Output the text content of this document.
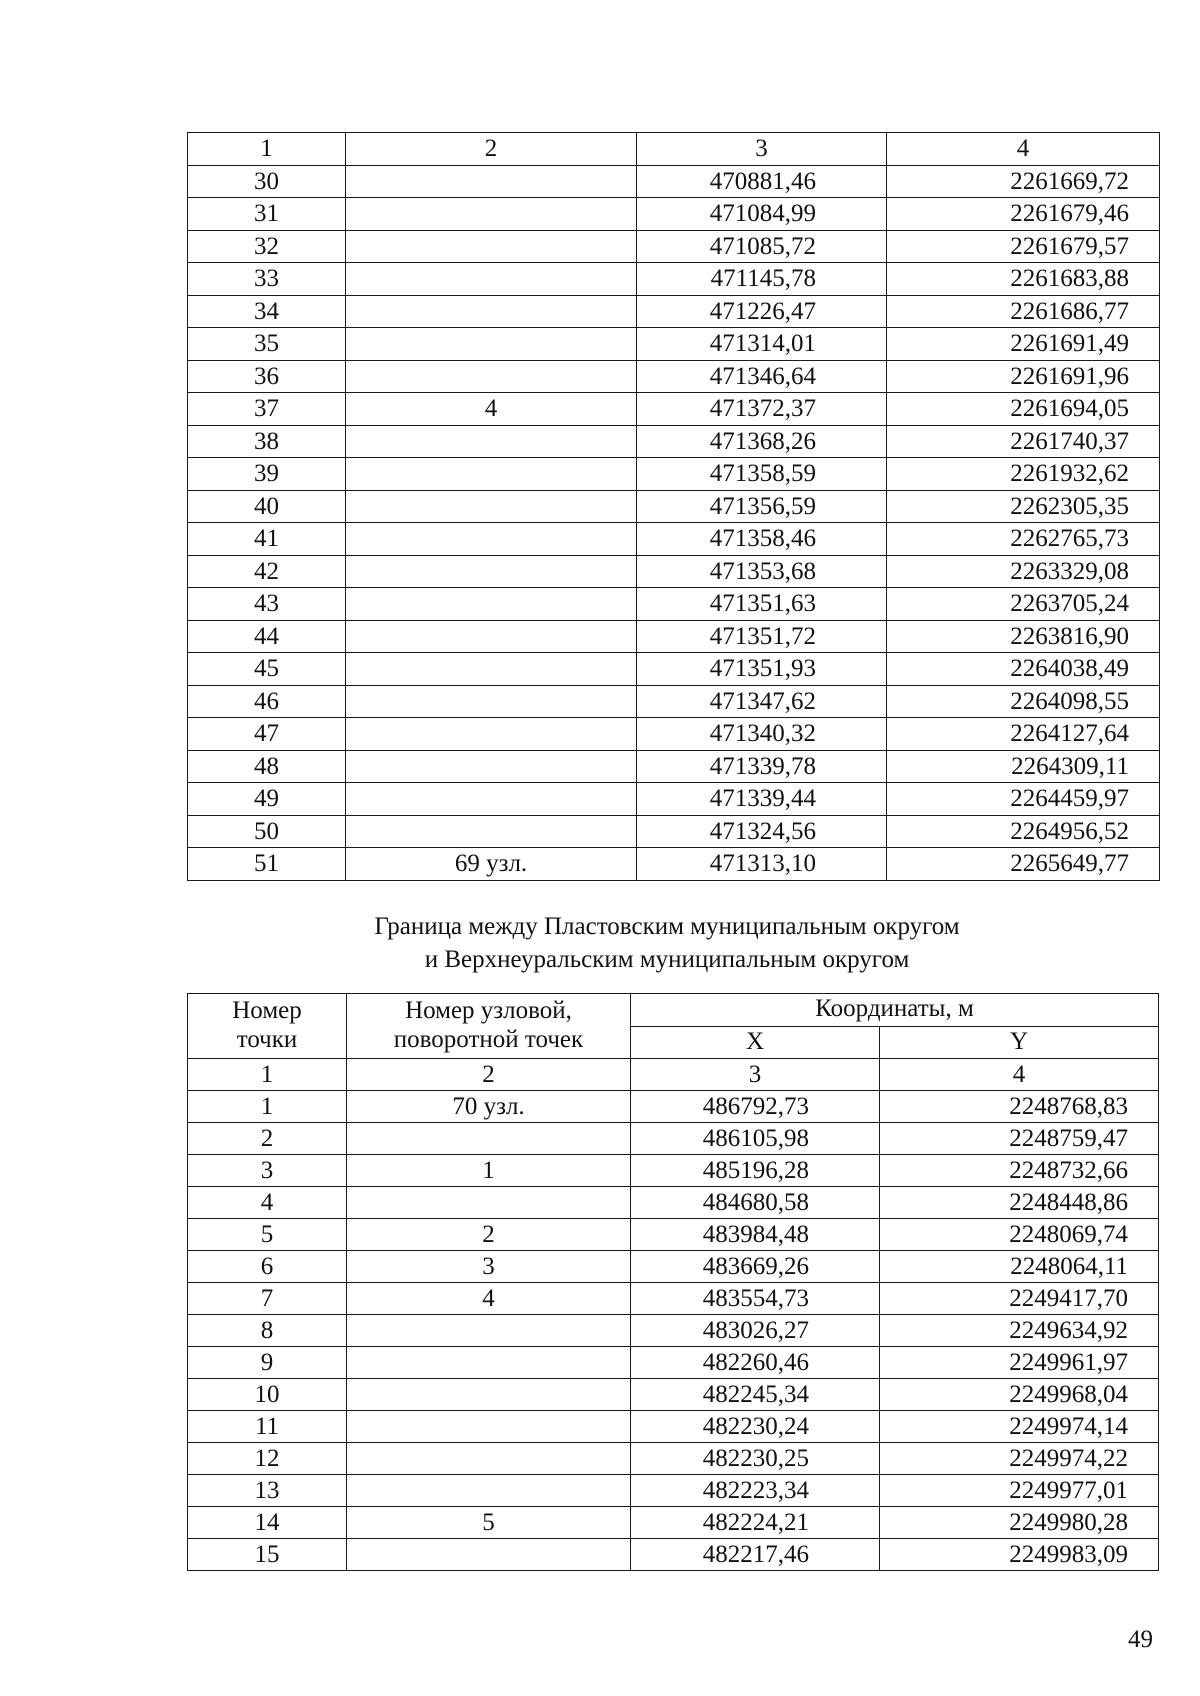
1	2	3	4
30		470881,46	2261669,72
31		471084,99	2261679,46
32		471085,72	2261679,57
33		471145,78	2261683,88
34		471226,47	2261686,77
35		471314,01	2261691,49
36		471346,64	2261691,96
37	4	471372,37	2261694,05
38		471368,26	2261740,37
39		471358,59	2261932,62
40		471356,59	2262305,35
41		471358,46	2262765,73
42		471353,68	2263329,08
43		471351,63	2263705,24
44		471351,72	2263816,90
45		471351,93	2264038,49
46		471347,62	2264098,55
47		471340,32	2264127,64
48		471339,78	2264309,11
49		471339,44	2264459,97
50		471324,56	2264956,52
51	69 узл.	471313,10	2265649,77
Граница между Пластовским муниципальным округом
и Верхнеуральским муниципальным округом
Номер точки	Номер узловой, поворотной точек	Координаты, м	
		X	Y
1	2	3	4
1	70 узл.	486792,73	2248768,83
2		486105,98	2248759,47
3	1	485196,28	2248732,66
4		484680,58	2248448,86
5	2	483984,48	2248069,74
6	3	483669,26	2248064,11
7	4	483554,73	2249417,70
8		483026,27	2249634,92
9		482260,46	2249961,97
10		482245,34	2249968,04
11		482230,24	2249974,14
12		482230,25	2249974,22
13		482223,34	2249977,01
14	5	482224,21	2249980,28
15		482217,46	2249983,09
49
